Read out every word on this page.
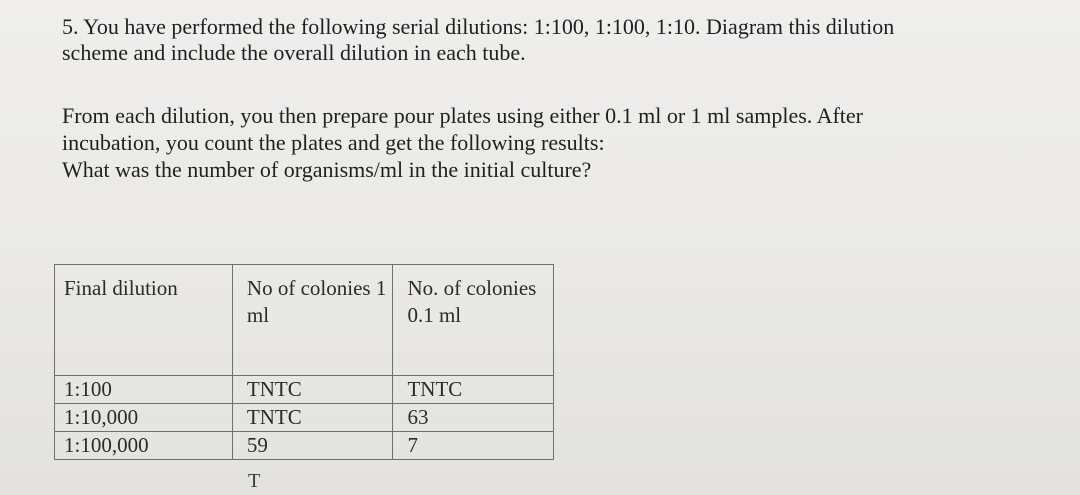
5. You have performed the following serial dilutions: 1:100, 1:100, 1:10. Diagram this dilution
scheme and include the overall dilution in each tube.

From each dilution, you then prepare pour plates using either 0.1 ml or 1 ml samples. After
incubation, you count the plates and get the following results:
What was the number of organisms/ml in the initial culture?

Final dilution	No of colonies 1 ml	No. of colonies 0.1 ml
1:100	TNTC	TNTC
1:10,000	TNTC	63
1:100,000	59	7
T
